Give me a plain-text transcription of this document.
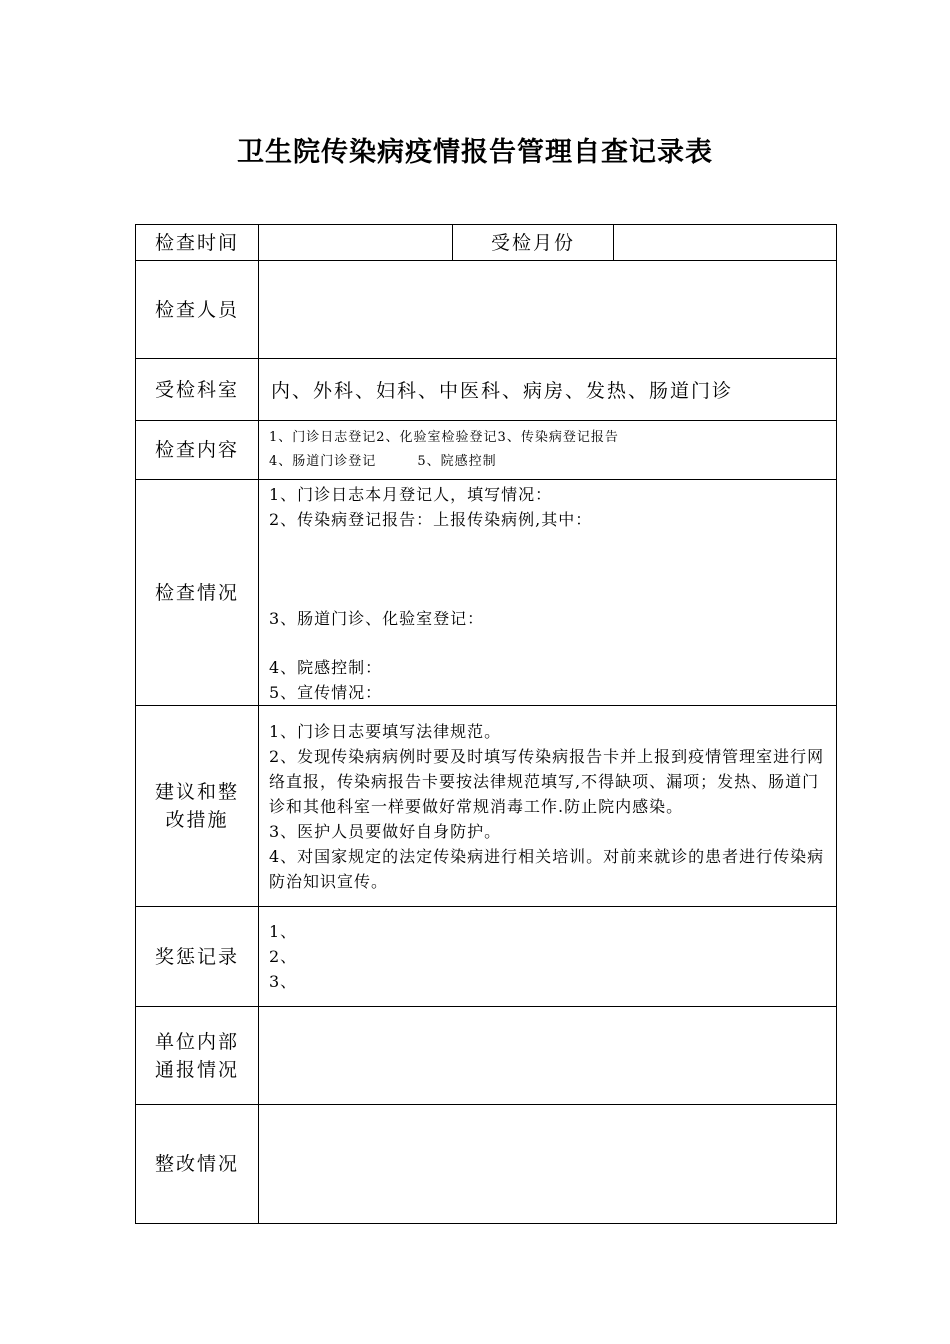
卫生院传染病疫情报告管理自查记录表
检查时间		受检月份	
检查人员			
受检科室	内、外科、妇科、中医科、病房、发热、肠道门诊		
检查内容	1、门诊日志登记2、化验室检验登记3、传染病登记报告
4、肠道门诊登记        5、院感控制		

检查情况	1、门诊日志本月登记人，填写情况：
2、传染病登记报告：上报传染病例,其中：
3、肠道门诊、化验室登记：
4、院感控制：
5、宣传情况：		

建议和整
改措施	1、门诊日志要填写法律规范。
2、发现传染病病例时要及时填写传染病报告卡并上报到疫情管理室进行网络直报，传染病报告卡要按法律规范填写,不得缺项、漏项；发热、肠道门诊和其他科室一样要做好常规消毒工作.防止院内感染。
3、医护人员要做好自身防护。
4、对国家规定的法定传染病进行相关培训。对前来就诊的患者进行传染病防治知识宣传。		

奖惩记录	1、
2、
3、		

单位内部
通报情况			

整改情况			
